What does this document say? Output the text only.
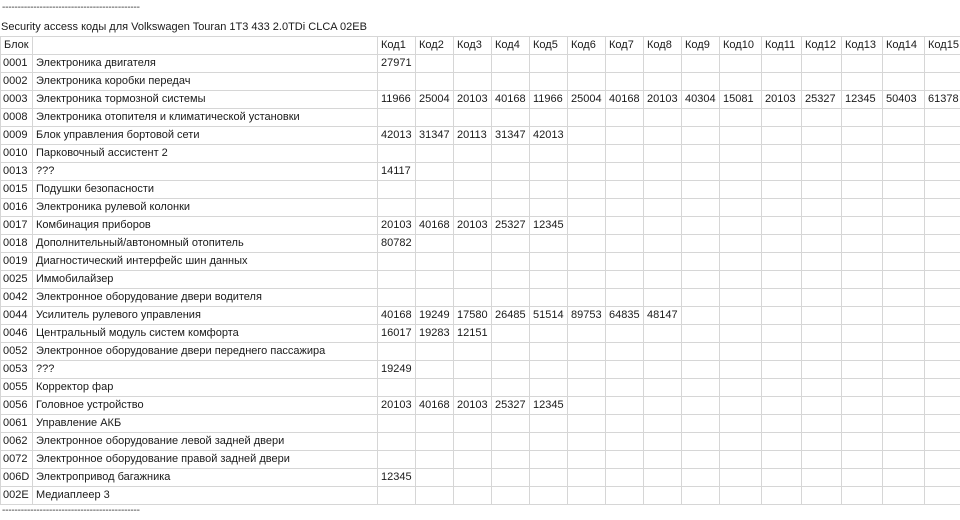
--------------------------------------------
Security access коды для Volkswagen Touran 1T3 433 2.0TDi CLCA 02EB
Блок		Код1	Код2	Код3	Код4	Код5	Код6	Код7	Код8	Код9	Код10	Код11	Код12	Код13	Код14	Код15
0001	Электроника двигателя	27971														
0002	Электроника коробки передач															
0003	Электроника тормозной системы	11966	25004	20103	40168	11966	25004	40168	20103	40304	15081	20103	25327	12345	50403	61378
0008	Электроника отопителя и климатической установки															
0009	Блок управления бортовой сети	42013	31347	20113	31347	42013										
0010	Парковочный ассистент 2															
0013	???	14117														
0015	Подушки безопасности															
0016	Электроника рулевой колонки															
0017	Комбинация приборов	20103	40168	20103	25327	12345										
0018	Дополнительный/автономный отопитель	80782														
0019	Диагностический интерфейс шин данных															
0025	Иммобилайзер															
0042	Электронное оборудование двери водителя															
0044	Усилитель рулевого управления	40168	19249	17580	26485	51514	89753	64835	48147							
0046	Центральный модуль систем комфорта	16017	19283	12151												
0052	Электронное оборудование двери переднего пассажира															
0053	???	19249														
0055	Корректор фар															
0056	Головное устройство	20103	40168	20103	25327	12345										
0061	Управление АКБ															
0062	Электронное оборудование левой задней двери															
0072	Электронное оборудование правой задней двери															
006D	Электропривод багажника	12345														
002E	Медиаплеер 3															
--------------------------------------------
